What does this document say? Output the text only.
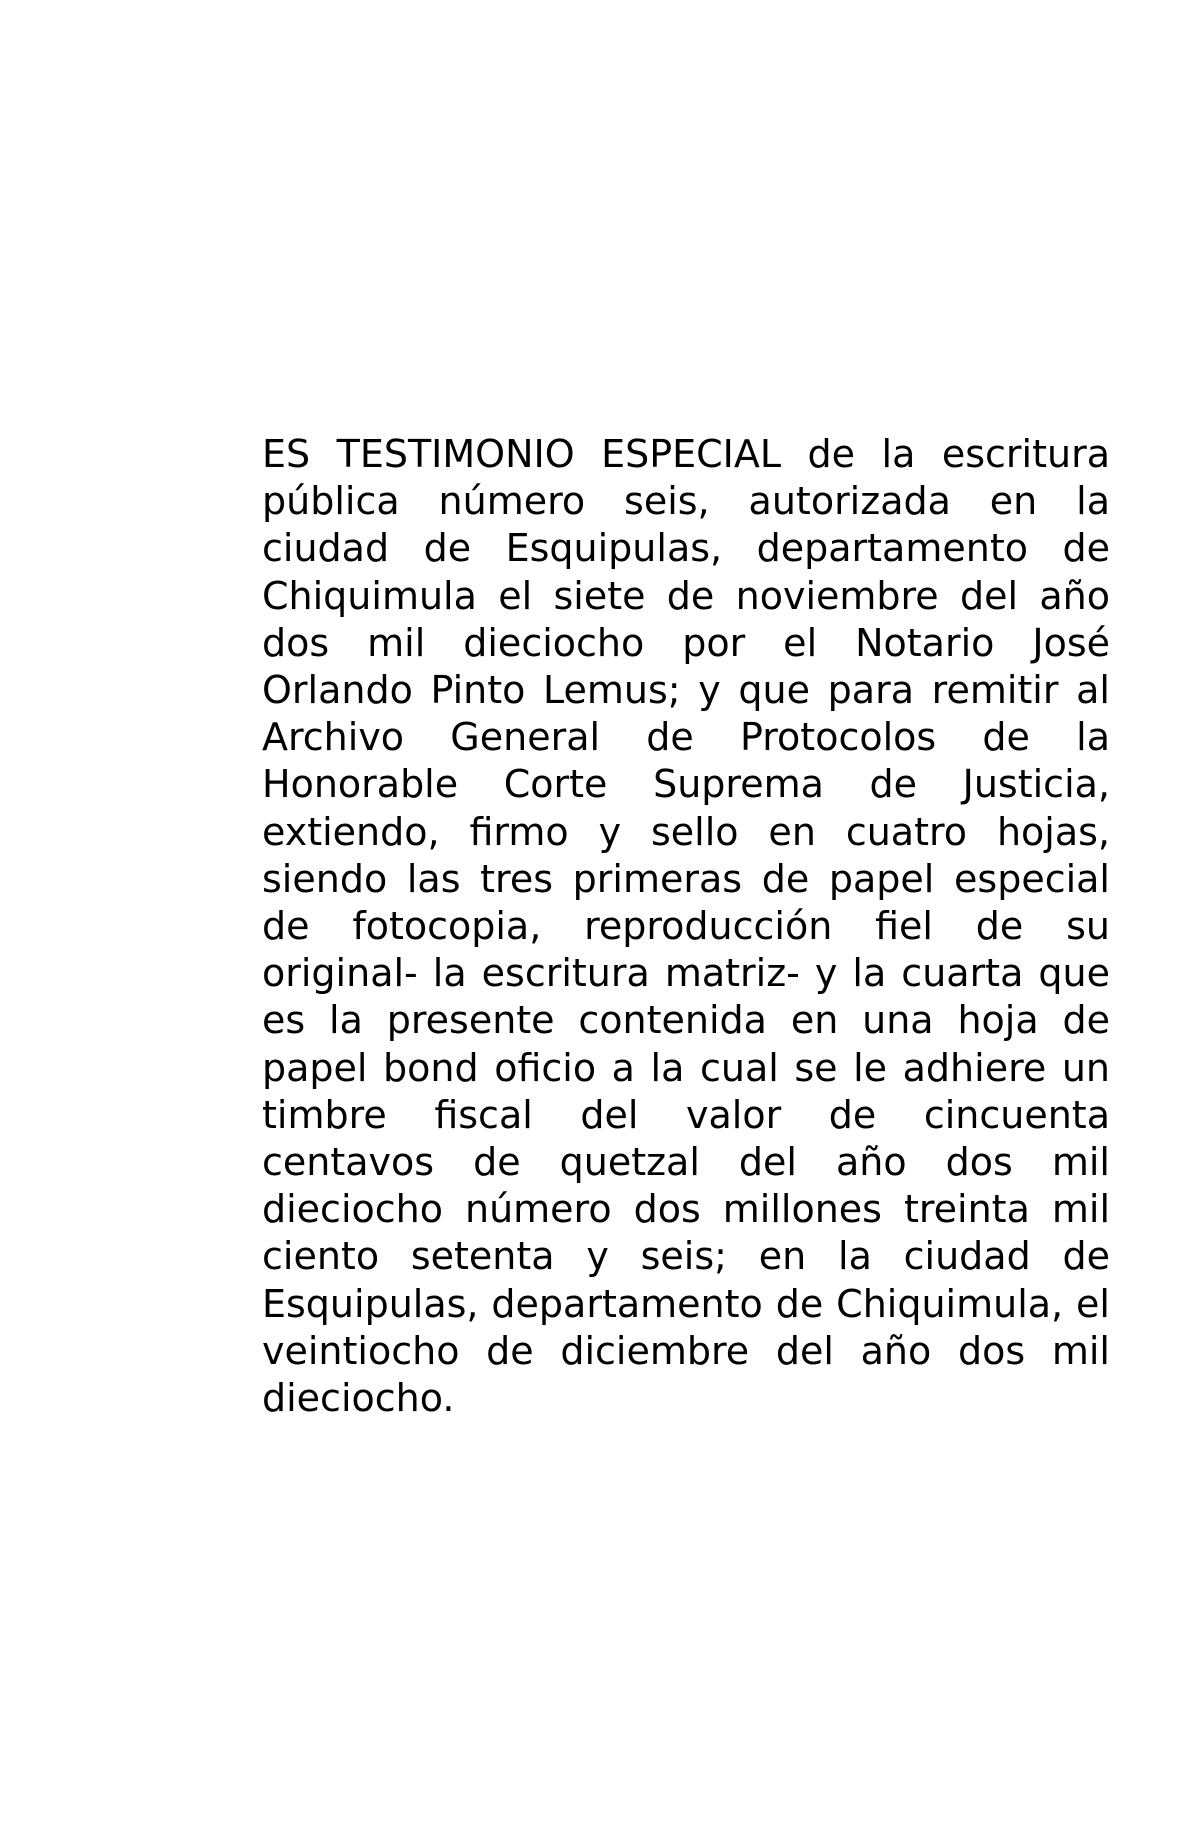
ES TESTIMONIO ESPECIAL de la escritura pública número seis, autorizada en la ciudad de Esquipulas, departamento de Chiquimula el siete de noviembre del año dos mil dieciocho por el Notario José Orlando Pinto Lemus; y que para remitir al Archivo General de Protocolos de la Honorable Corte Suprema de Justicia, extiendo, firmo y sello en cuatro hojas, siendo las tres primeras de papel especial de fotocopia, reproducción fiel de su original- la escritura matriz- y la cuarta que es la presente contenida en una hoja de papel bond oficio a la cual se le adhiere un timbre fiscal del valor de cincuenta centavos de quetzal del año dos mil dieciocho número dos millones treinta mil ciento setenta y seis; en la ciudad de Esquipulas, departamento de Chiquimula, el veintiocho de diciembre del año dos mil dieciocho.
